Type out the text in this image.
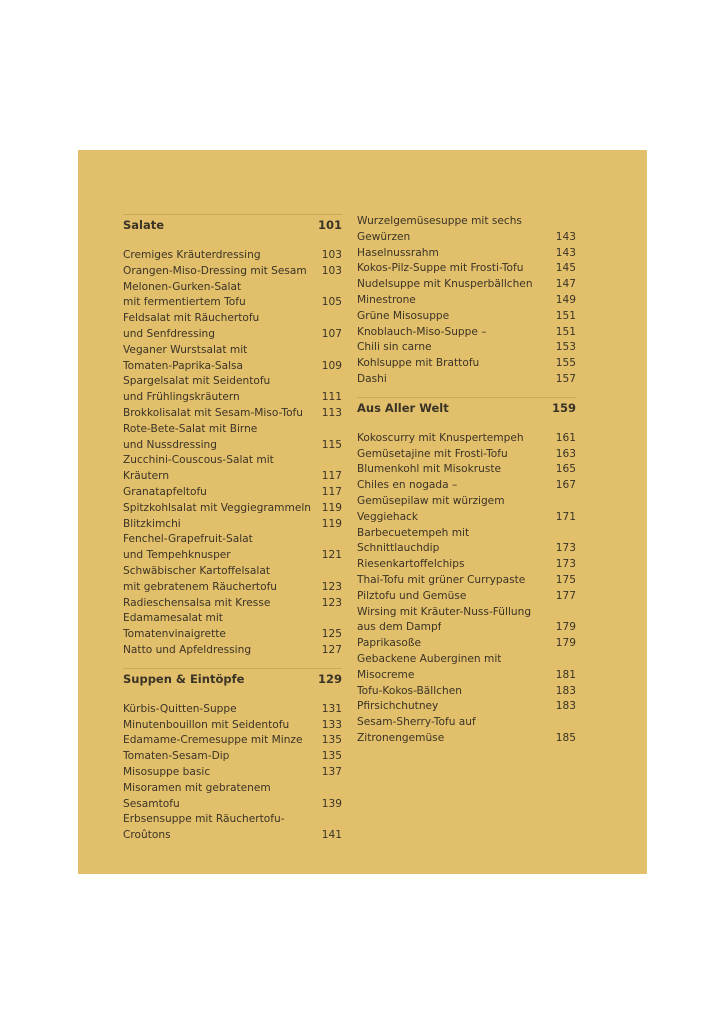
Salate	101
Cremiges Kräuterdressing	103
Orangen-Miso-Dressing mit Sesam	103
Melonen-Gurken-Salat
mit fermentiertem Tofu	105
Feldsalat mit Räuchertofu
und Senfdressing	107
Veganer Wurstsalat mit
Tomaten-Paprika-Salsa	109
Spargelsalat mit Seidentofu
und Frühlingskräutern	111
Brokkolisalat mit Sesam-Miso-Tofu	113
Rote-Bete-Salat mit Birne
und Nussdressing	115
Zucchini-Couscous-Salat mit
Kräutern	117
Granatapfeltofu	117
Spitzkohlsalat mit Veggiegrammeln	119
Blitzkimchi	119
Fenchel-Grapefruit-Salat
und Tempehknusper	121
Schwäbischer Kartoffelsalat
mit gebratenem Räuchertofu	123
Radieschensalsa mit Kresse	123
Edamamesalat mit
Tomatenvinaigrette	125
Natto und Apfeldressing	127
Suppen & Eintöpfe	129
Kürbis-Quitten-Suppe	131
Minutenbouillon mit Seidentofu	133
Edamame-Cremesuppe mit Minze	135
Tomaten-Sesam-Dip	135
Misosuppe basic	137
Misoramen mit gebratenem
Sesamtofu	139
Erbsensuppe mit Räuchertofu-
Croûtons	141
Wurzelgemüsesuppe mit sechs
Gewürzen	143
Haselnussrahm	143
Kokos-Pilz-Suppe mit Frosti-Tofu	145
Nudelsuppe mit Knusperbällchen	147
Minestrone	149
Grüne Misosuppe	151
Knoblauch-Miso-Suppe –	151
Chili sin carne	153
Kohlsuppe mit Brattofu	155
Dashi	157
Aus Aller Welt	159
Kokoscurry mit Knuspertempeh	161
Gemüsetajine mit Frosti-Tofu	163
Blumenkohl mit Misokruste	165
Chiles en nogada –	167
Gemüsepilaw mit würzigem
Veggiehack	171
Barbecuetempeh mit
Schnittlauchdip	173
Riesenkartoffelchips	173
Thai-Tofu mit grüner Currypaste	175
Pilztofu und Gemüse	177
Wirsing mit Kräuter-Nuss-Füllung
aus dem Dampf	179
Paprikasoße	179
Gebackene Auberginen mit
Misocreme	181
Tofu-Kokos-Bällchen	183
Pfirsichchutney	183
Sesam-Sherry-Tofu auf
Zitronengemüse	185
